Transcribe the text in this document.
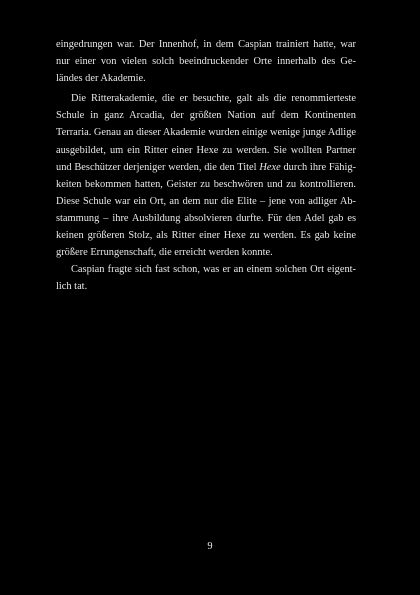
eingedrungen war. Der Innenhof, in dem Caspian trainiert hatte, war
nur einer von vielen solch beeindruckender Orte innerhalb des Ge-
ländes der Akademie.
Die Ritterakademie, die er besuchte, galt als die renommierteste
Schule in ganz Arcadia, der größten Nation auf dem Kontinenten
Terraria. Genau an dieser Akademie wurden einige wenige junge Adlige
ausgebildet, um ein Ritter einer Hexe zu werden. Sie wollten Partner
und Beschützer derjeniger werden, die den Titel Hexe durch ihre Fähig-
keiten bekommen hatten, Geister zu beschwören und zu kontrollieren.
Diese Schule war ein Ort, an dem nur die Elite – jene von adliger Ab-
stammung – ihre Ausbildung absolvieren durfte. Für den Adel gab es
keinen größeren Stolz, als Ritter einer Hexe zu werden. Es gab keine
größere Errungenschaft, die erreicht werden konnte.
Caspian fragte sich fast schon, was er an einem solchen Ort eigent-
lich tat.
9
